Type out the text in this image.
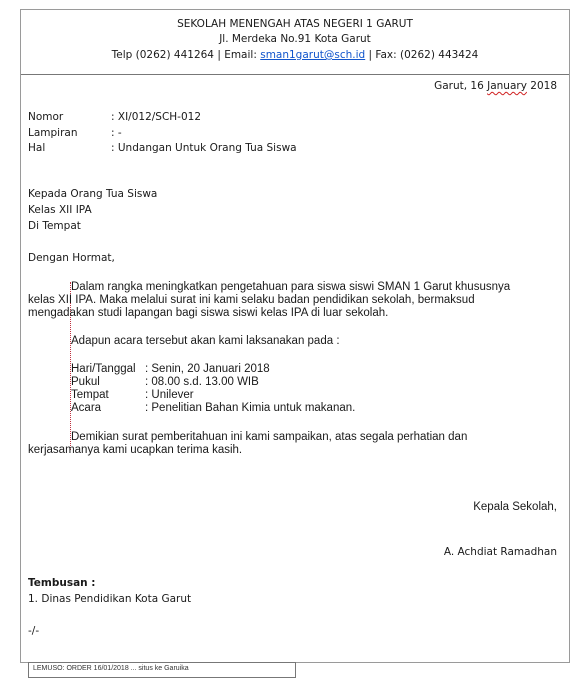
SEKOLAH MENENGAH ATAS NEGERI 1 GARUT
Jl. Merdeka No.91 Kota Garut
Telp (0262) 441264 | Email: sman1garut@sch.id | Fax: (0262) 443424
Garut, 16 January 2018
Nomor	: XI/012/SCH-012
Lampiran	: -
Hal	: Undangan Untuk Orang Tua Siswa
Kepada Orang Tua Siswa
Kelas XII IPA
Di Tempat
Dengan Hormat,
Dalam rangka meningkatkan pengetahuan para siswa siswi SMAN 1 Garut khususnya
kelas XII IPA. Maka melalui surat ini kami selaku badan pendidikan sekolah, bermaksud
mengadakan studi lapangan bagi siswa siswi kelas IPA di luar sekolah.
Adapun acara tersebut akan kami laksanakan pada :
Hari/Tanggal : Senin, 20 Januari 2018
Pukul	: 08.00 s.d. 13.00 WIB
Tempat	: Unilever
Acara	: Penelitian Bahan Kimia untuk makanan.
Demikian surat pemberitahuan ini kami sampaikan, atas segala perhatian dan
kerjasamanya kami ucapkan terima kasih.
Kepala Sekolah,
A. Achdiat Ramadhan
Tembusan :
1. Dinas Pendidikan Kota Garut
-/-
LEMUSO: ORDER 16/01/2018 ... situs ke Garuika
